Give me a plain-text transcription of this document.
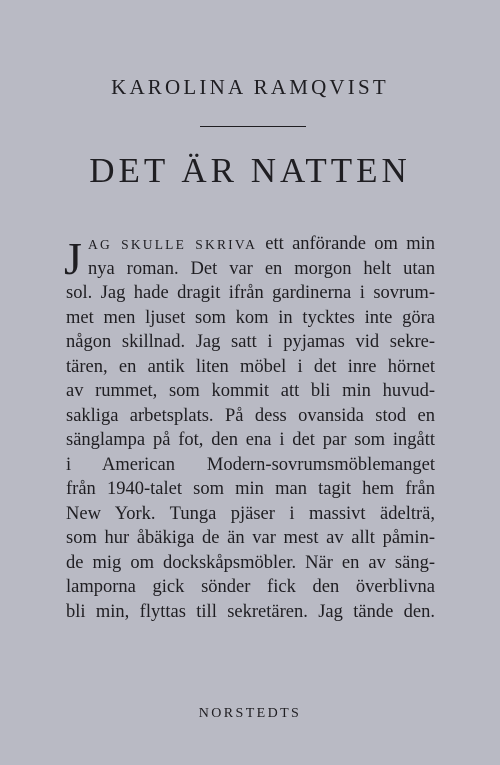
KAROLINA RAMQVIST
DET ÄR NATTEN
J AG SKULLE SKRIVA ett anförande om min
nya roman. Det var en morgon helt utan
sol. Jag hade dragit ifrån gardinerna i sovrum-
met men ljuset som kom in tycktes inte göra
någon skillnad. Jag satt i pyjamas vid sekre-
tären, en antik liten möbel i det inre hörnet
av rummet, som kommit att bli min huvud-
sakliga arbetsplats. På dess ovansida stod en
sänglampa på fot, den ena i det par som ingått
i American Modern-sovrumsmöblemanget
från 1940-talet som min man tagit hem från
New York. Tunga pjäser i massivt ädelträ,
som hur åbäkiga de än var mest av allt påmin-
de mig om dockskåpsmöbler. När en av säng-
lamporna gick sönder fick den överblivna
bli min, flyttas till sekretären. Jag tände den.
NORSTEDTS
